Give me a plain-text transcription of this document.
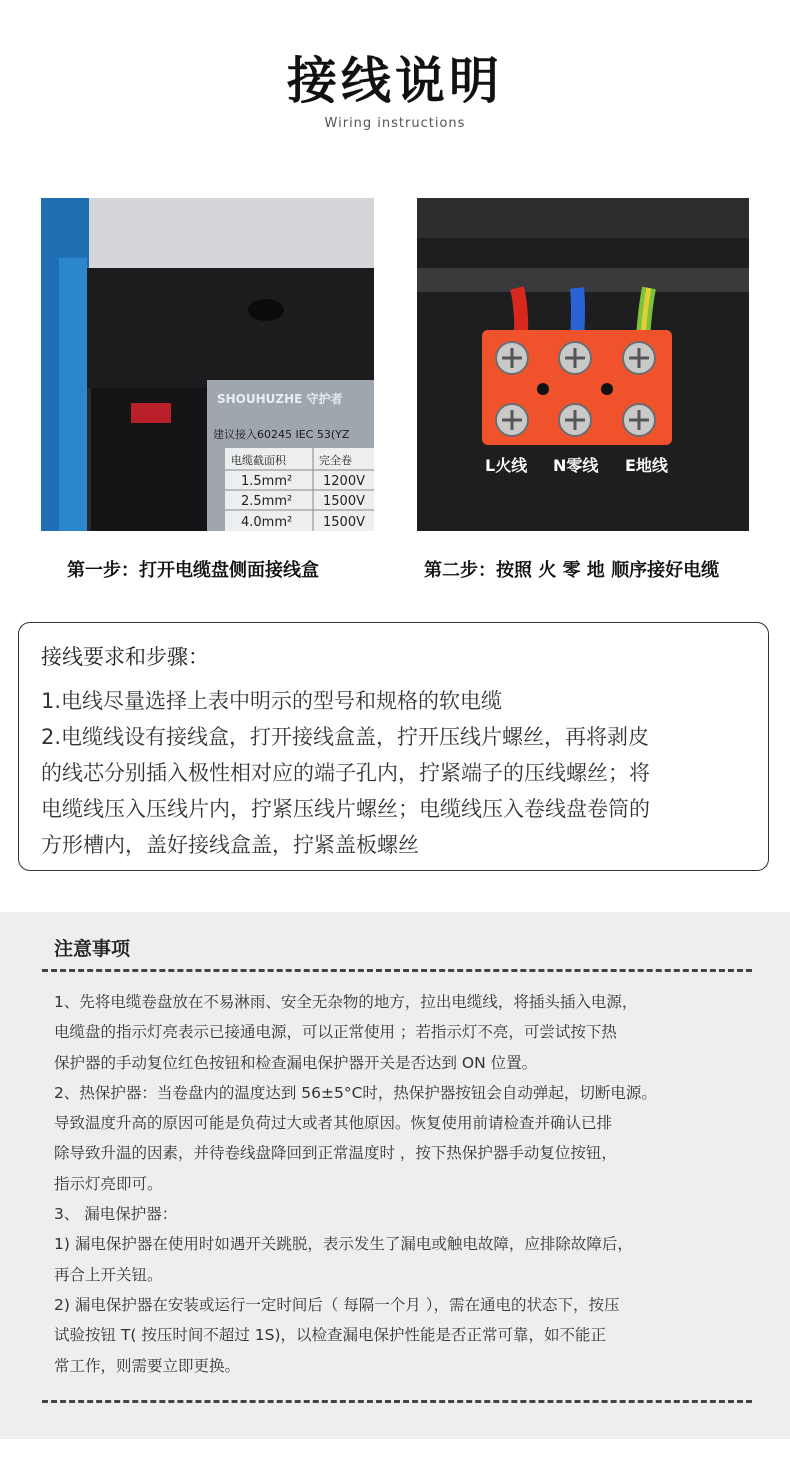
接线说明
Wiring instructions
SHOUHUZHE 守护者
建议接入60245 IEC 53(YZ
电缆截面积	完全卷
1.5mm² 1200V
2.5mm² 1500V
4.0mm² 1500V
L火线 N零线 E地线
第一步：打开电缆盘侧面接线盒	第二步：按照 火 零 地 顺序接好电缆
接线要求和步骤：
1.电线尽量选择上表中明示的型号和规格的软电缆
2.电缆线设有接线盒，打开接线盒盖，拧开压线片螺丝，再将剥皮
的线芯分别插入极性相对应的端子孔内，拧紧端子的压线螺丝；将
电缆线压入压线片内，拧紧压线片螺丝；电缆线压入卷线盘卷筒的
方形槽内，盖好接线盒盖，拧紧盖板螺丝
注意事项
1、先将电缆卷盘放在不易淋雨、安全无杂物的地方，拉出电缆线，将插头插入电源，
电缆盘的指示灯亮表示已接通电源，可以正常使用 ；若指示灯不亮，可尝试按下热
保护器的手动复位红色按钮和检查漏电保护器开关是否达到 ON 位置。
2、热保护器：当卷盘内的温度达到 56±5°C时，热保护器按钮会自动弹起，切断电源。
导致温度升高的原因可能是负荷过大或者其他原因。恢复使用前请检查并确认已排
除导致升温的因素，并待卷线盘降回到正常温度时 ，按下热保护器手动复位按钮，
指示灯亮即可。
3、 漏电保护器：
1) 漏电保护器在使用时如遇开关跳脱，表示发生了漏电或触电故障，应排除故障后，
再合上开关钮。
2) 漏电保护器在安装或运行一定时间后（ 每隔一个月 ），需在通电的状态下，按压
试验按钮 T( 按压时间不超过 1S)，以检查漏电保护性能是否正常可靠，如不能正
常工作，则需要立即更换。
